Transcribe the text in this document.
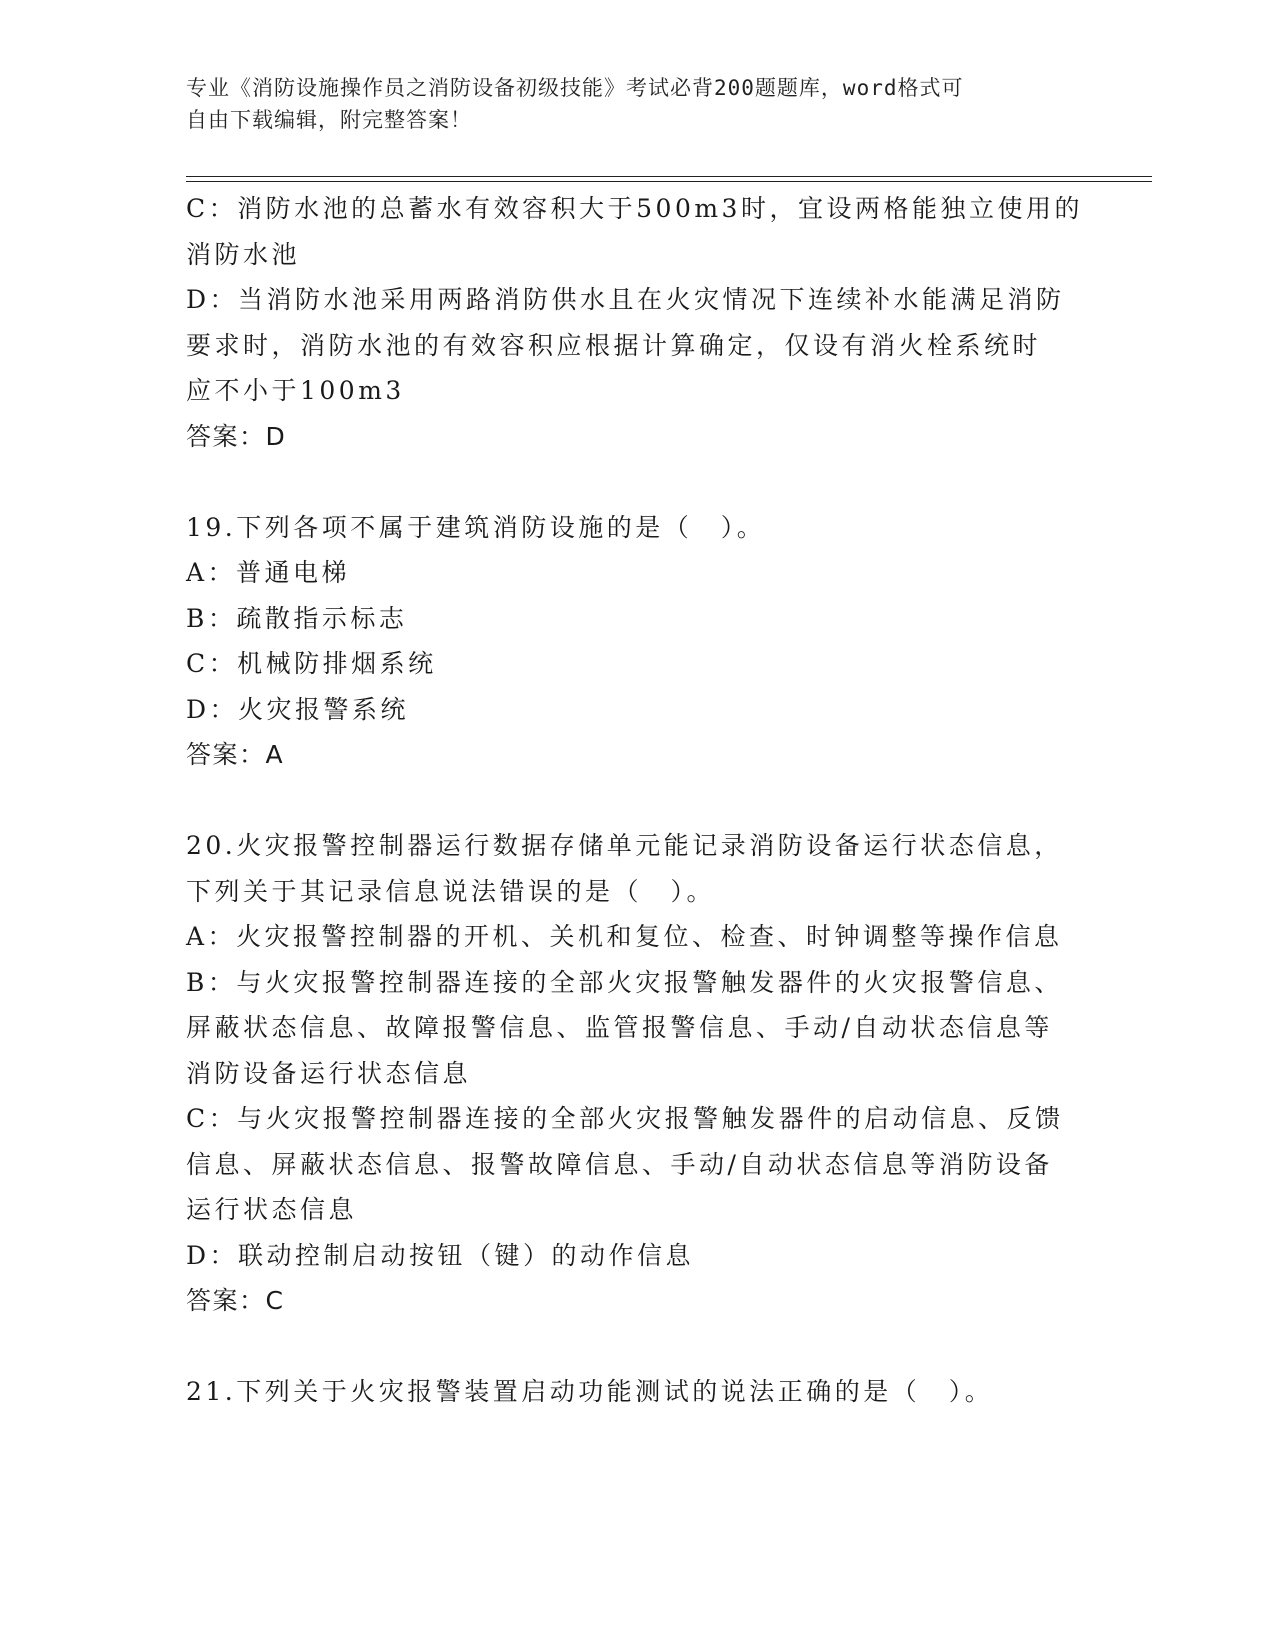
专业《消防设施操作员之消防设备初级技能》考试必背200题题库，word格式可
自由下载编辑，附完整答案！
C：消防水池的总蓄水有效容积大于500m3时，宜设两格能独立使用的
消防水池
D：当消防水池采用两路消防供水且在火灾情况下连续补水能满足消防
要求时，消防水池的有效容积应根据计算确定，仅设有消火栓系统时
应不小于100m3
答案：D
19.下列各项不属于建筑消防设施的是（　）。
A：普通电梯
B：疏散指示标志
C：机械防排烟系统
D：火灾报警系统
答案：A
20.火灾报警控制器运行数据存储单元能记录消防设备运行状态信息，
下列关于其记录信息说法错误的是（　）。
A：火灾报警控制器的开机、关机和复位、检查、时钟调整等操作信息
B：与火灾报警控制器连接的全部火灾报警触发器件的火灾报警信息、
屏蔽状态信息、故障报警信息、监管报警信息、手动/自动状态信息等
消防设备运行状态信息
C：与火灾报警控制器连接的全部火灾报警触发器件的启动信息、反馈
信息、屏蔽状态信息、报警故障信息、手动/自动状态信息等消防设备
运行状态信息
D：联动控制启动按钮（键）的动作信息
答案：C
21.下列关于火灾报警装置启动功能测试的说法正确的是（　）。
